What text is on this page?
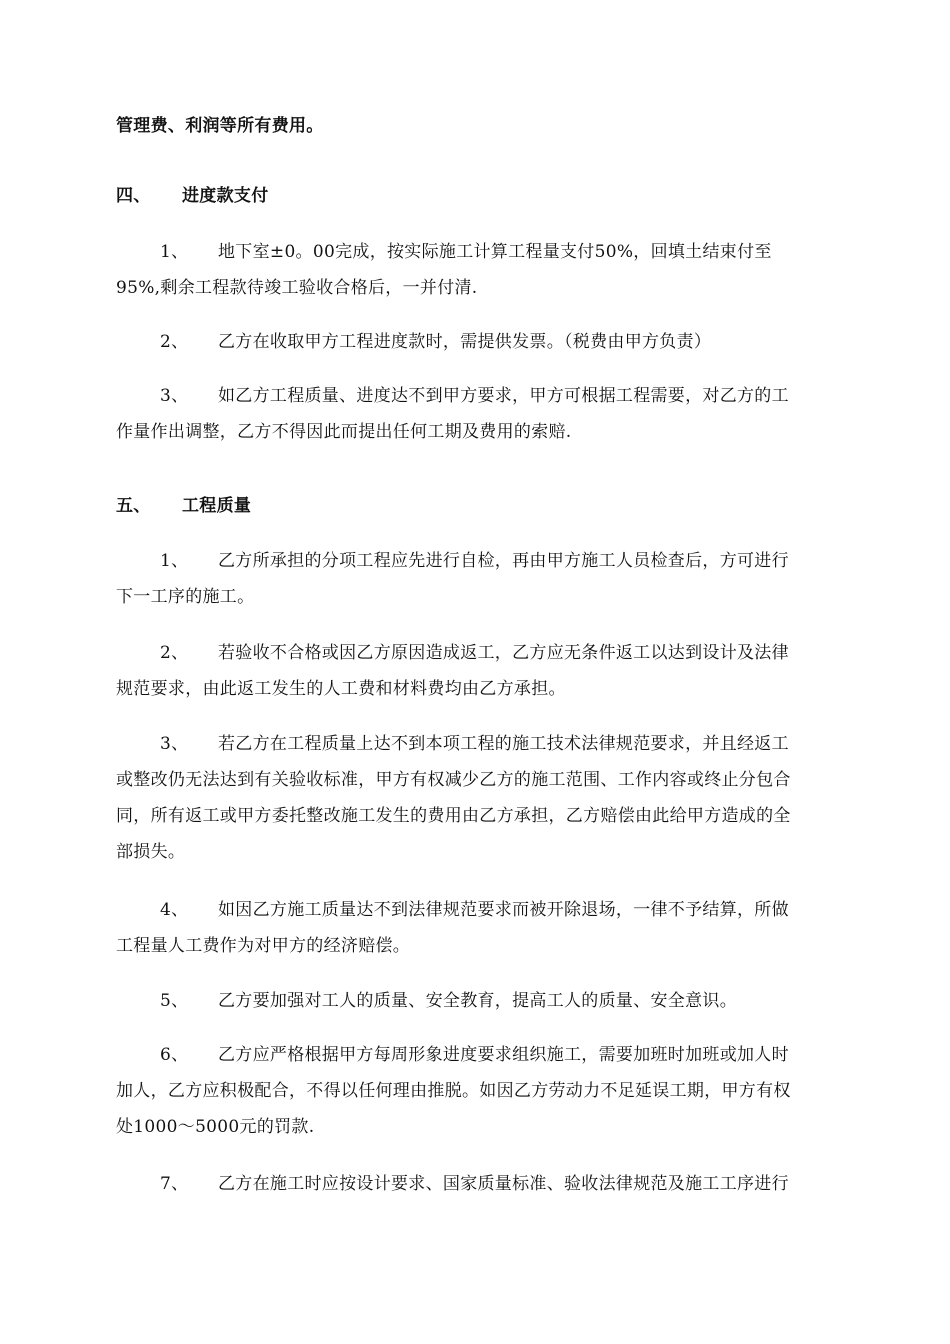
管理费、利润等所有费用。
四、 进度款支付
1、 地下室±0。00完成，按实际施工计算工程量支付50%，回填土结束付至
95%,剩余工程款待竣工验收合格后，一并付清.
2、 乙方在收取甲方工程进度款时，需提供发票。（税费由甲方负责）
3、 如乙方工程质量、进度达不到甲方要求，甲方可根据工程需要，对乙方的工
作量作出调整，乙方不得因此而提出任何工期及费用的索赔.
五、 工程质量
1、 乙方所承担的分项工程应先进行自检，再由甲方施工人员检查后，方可进行
下一工序的施工。
2、 若验收不合格或因乙方原因造成返工，乙方应无条件返工以达到设计及法律
规范要求，由此返工发生的人工费和材料费均由乙方承担。
3、 若乙方在工程质量上达不到本项工程的施工技术法律规范要求，并且经返工
或整改仍无法达到有关验收标准，甲方有权减少乙方的施工范围、工作内容或终止分包合
同，所有返工或甲方委托整改施工发生的费用由乙方承担，乙方赔偿由此给甲方造成的全
部损失。
4、 如因乙方施工质量达不到法律规范要求而被开除退场，一律不予结算，所做
工程量人工费作为对甲方的经济赔偿。
5、 乙方要加强对工人的质量、安全教育，提高工人的质量、安全意识。
6、 乙方应严格根据甲方每周形象进度要求组织施工，需要加班时加班或加人时
加人，乙方应积极配合，不得以任何理由推脱。如因乙方劳动力不足延误工期，甲方有权
处1000～5000元的罚款.
7、 乙方在施工时应按设计要求、国家质量标准、验收法律规范及施工工序进行
